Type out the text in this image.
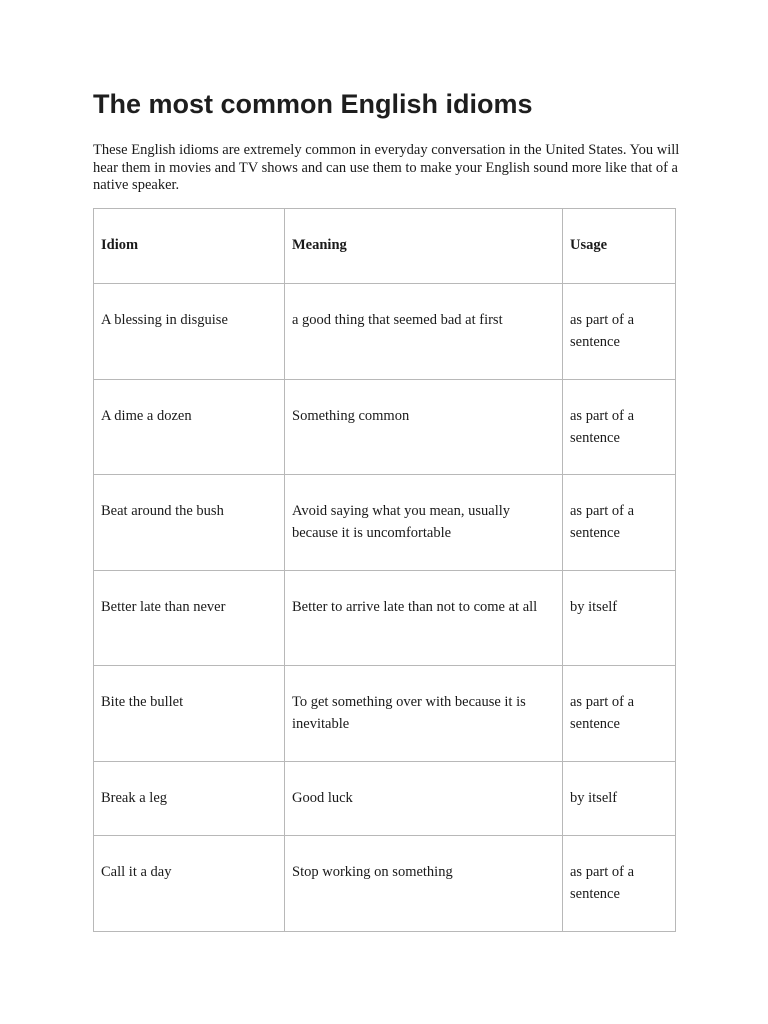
The most common English idioms

These English idioms are extremely common in everyday conversation in the United States. You will hear them in movies and TV shows and can use them to make your English sound more like that of a native speaker.

Idiom	Meaning	Usage
A blessing in disguise	a good thing that seemed bad at first	as part of a sentence
A dime a dozen	Something common	as part of a sentence
Beat around the bush	Avoid saying what you mean, usually because it is uncomfortable	as part of a sentence
Better late than never	Better to arrive late than not to come at all	by itself
Bite the bullet	To get something over with because it is inevitable	as part of a sentence
Break a leg	Good luck	by itself
Call it a day	Stop working on something	as part of a sentence
